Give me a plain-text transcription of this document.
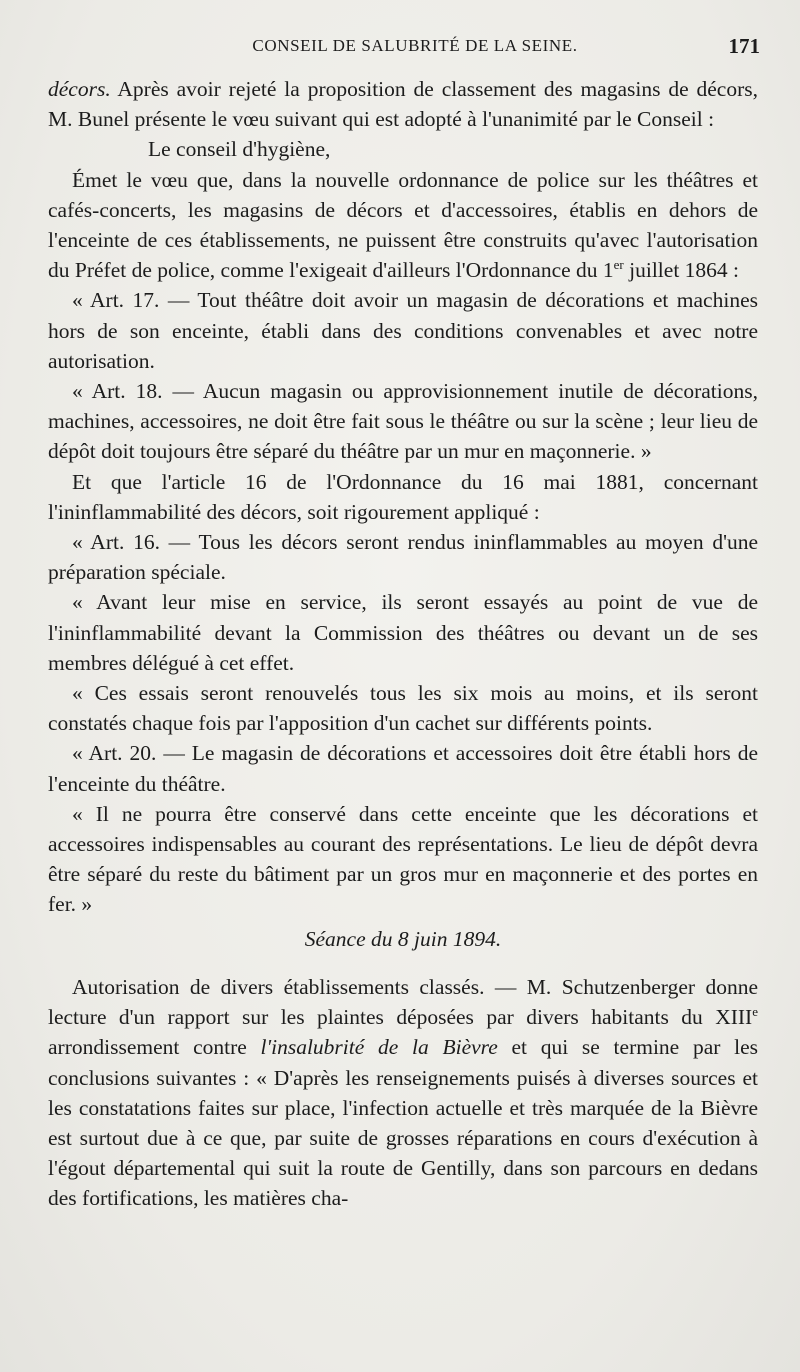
CONSEIL DE SALUBRITÉ DE LA SEINE.	171

décors. Après avoir rejeté la proposition de classement des magasins de décors, M. Bunel présente le vœu suivant qui est adopté à l'unanimité par le Conseil :

Le conseil d'hygiène,

Émet le vœu que, dans la nouvelle ordonnance de police sur les théâtres et cafés-concerts, les magasins de décors et d'accessoires, établis en dehors de l'enceinte de ces établissements, ne puissent être construits qu'avec l'autorisation du Préfet de police, comme l'exigeait d'ailleurs l'Ordonnance du 1er juillet 1864 :

« Art. 17. — Tout théâtre doit avoir un magasin de décorations et machines hors de son enceinte, établi dans des conditions convenables et avec notre autorisation.

« Art. 18. — Aucun magasin ou approvisionnement inutile de décorations, machines, accessoires, ne doit être fait sous le théâtre ou sur la scène ; leur lieu de dépôt doit toujours être séparé du théâtre par un mur en maçonnerie. »

Et que l'article 16 de l'Ordonnance du 16 mai 1881, concernant l'ininflammabilité des décors, soit rigourement appliqué :

« Art. 16. — Tous les décors seront rendus ininflammables au moyen d'une préparation spéciale.

« Avant leur mise en service, ils seront essayés au point de vue de l'ininflammabilité devant la Commission des théâtres ou devant un de ses membres délégué à cet effet.

« Ces essais seront renouvelés tous les six mois au moins, et ils seront constatés chaque fois par l'apposition d'un cachet sur différents points.

« Art. 20. — Le magasin de décorations et accessoires doit être établi hors de l'enceinte du théâtre.

« Il ne pourra être conservé dans cette enceinte que les décorations et accessoires indispensables au courant des représentations. Le lieu de dépôt devra être séparé du reste du bâtiment par un gros mur en maçonnerie et des portes en fer. »

Séance du 8 juin 1894.

Autorisation de divers établissements classés. — M. Schutzenberger donne lecture d'un rapport sur les plaintes déposées par divers habitants du XIIIe arrondissement contre l'insalubrité de la Bièvre et qui se termine par les conclusions suivantes : « D'après les renseignements puisés à diverses sources et les constatations faites sur place, l'infection actuelle et très marquée de la Bièvre est surtout due à ce que, par suite de grosses réparations en cours d'exécution à l'égout départemental qui suit la route de Gentilly, dans son parcours en dedans des fortifications, les matières cha-
